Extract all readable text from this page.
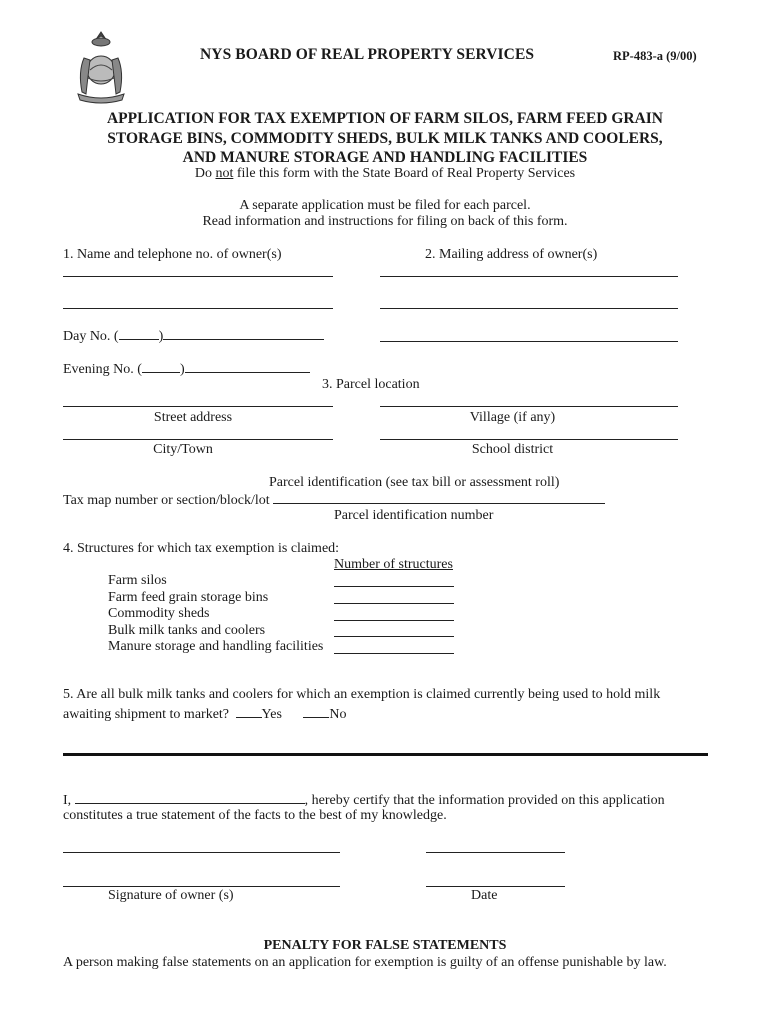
NYS BOARD OF REAL PROPERTY SERVICES	RP-483-a (9/00)
APPLICATION FOR TAX EXEMPTION OF FARM SILOS, FARM FEED GRAIN
STORAGE BINS, COMMODITY SHEDS, BULK MILK TANKS AND COOLERS,
AND MANURE STORAGE AND HANDLING FACILITIES
Do not file this form with the State Board of Real Property Services
A separate application must be filed for each parcel.
Read information and instructions for filing on back of this form.
1. Name and telephone no. of owner(s)	2. Mailing address of owner(s)
Day No. (	)
Evening No. (	)
3. Parcel location
Street address	Village (if any)
City/Town	School district
Parcel identification (see tax bill or assessment roll)
Tax map number or section/block/lot
Parcel identification number
4. Structures for which tax exemption is claimed:
Number of structures
Farm silos
Farm feed grain storage bins
Commodity sheds
Bulk milk tanks and coolers
Manure storage and handling facilities
5. Are all bulk milk tanks and coolers for which an exemption is claimed currently being used to hold milk
awaiting shipment to market? Yes	No
I,	, hereby certify that the information provided on this application
constitutes a true statement of the facts to the best of my knowledge.
Signature of owner (s)	Date
PENALTY FOR FALSE STATEMENTS
A person making false statements on an application for exemption is guilty of an offense punishable by law.
